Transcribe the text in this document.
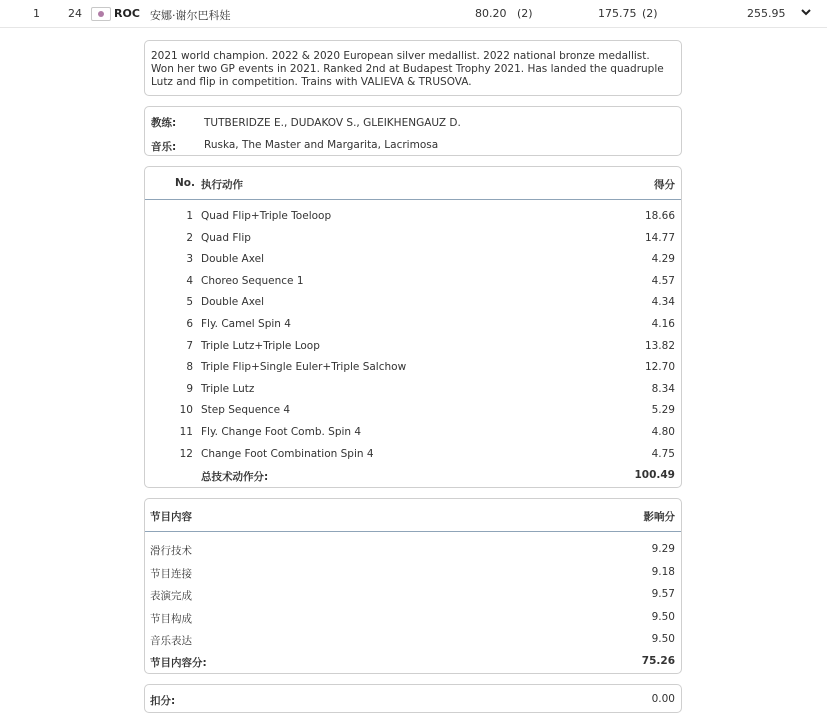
1	24	ROC 安娜·谢尔巴科娃	80.20 (2)	175.75 (2)	255.95
2021 world champion. 2022 & 2020 European silver medallist. 2022 national bronze medallist. Won her two GP events in 2021. Ranked 2nd at Budapest Trophy 2021. Has landed the quadruple Lutz and flip in competition. Trains with VALIEVA & TRUSOVA.
教练:	TUTBERIDZE E., DUDAKOV S., GLEIKHENGAUZ D.
音乐:	Ruska, The Master and Margarita, Lacrimosa
No. 执行动作	得分
1 Quad Flip+Triple Toeloop	18.66
2 Quad Flip	14.77
3 Double Axel	4.29
4 Choreo Sequence 1	4.57
5 Double Axel	4.34
6 Fly. Camel Spin 4	4.16
7 Triple Lutz+Triple Loop	13.82
8 Triple Flip+Single Euler+Triple Salchow	12.70
9 Triple Lutz	8.34
10 Step Sequence 4	5.29
11 Fly. Change Foot Comb. Spin 4	4.80
12 Change Foot Combination Spin 4	4.75
总技术动作分:	100.49
节目内容	影响分
滑行技术	9.29
节目连接	9.18
表演完成	9.57
节目构成	9.50
音乐表达	9.50
节目内容分:	75.26
扣分:	0.00
